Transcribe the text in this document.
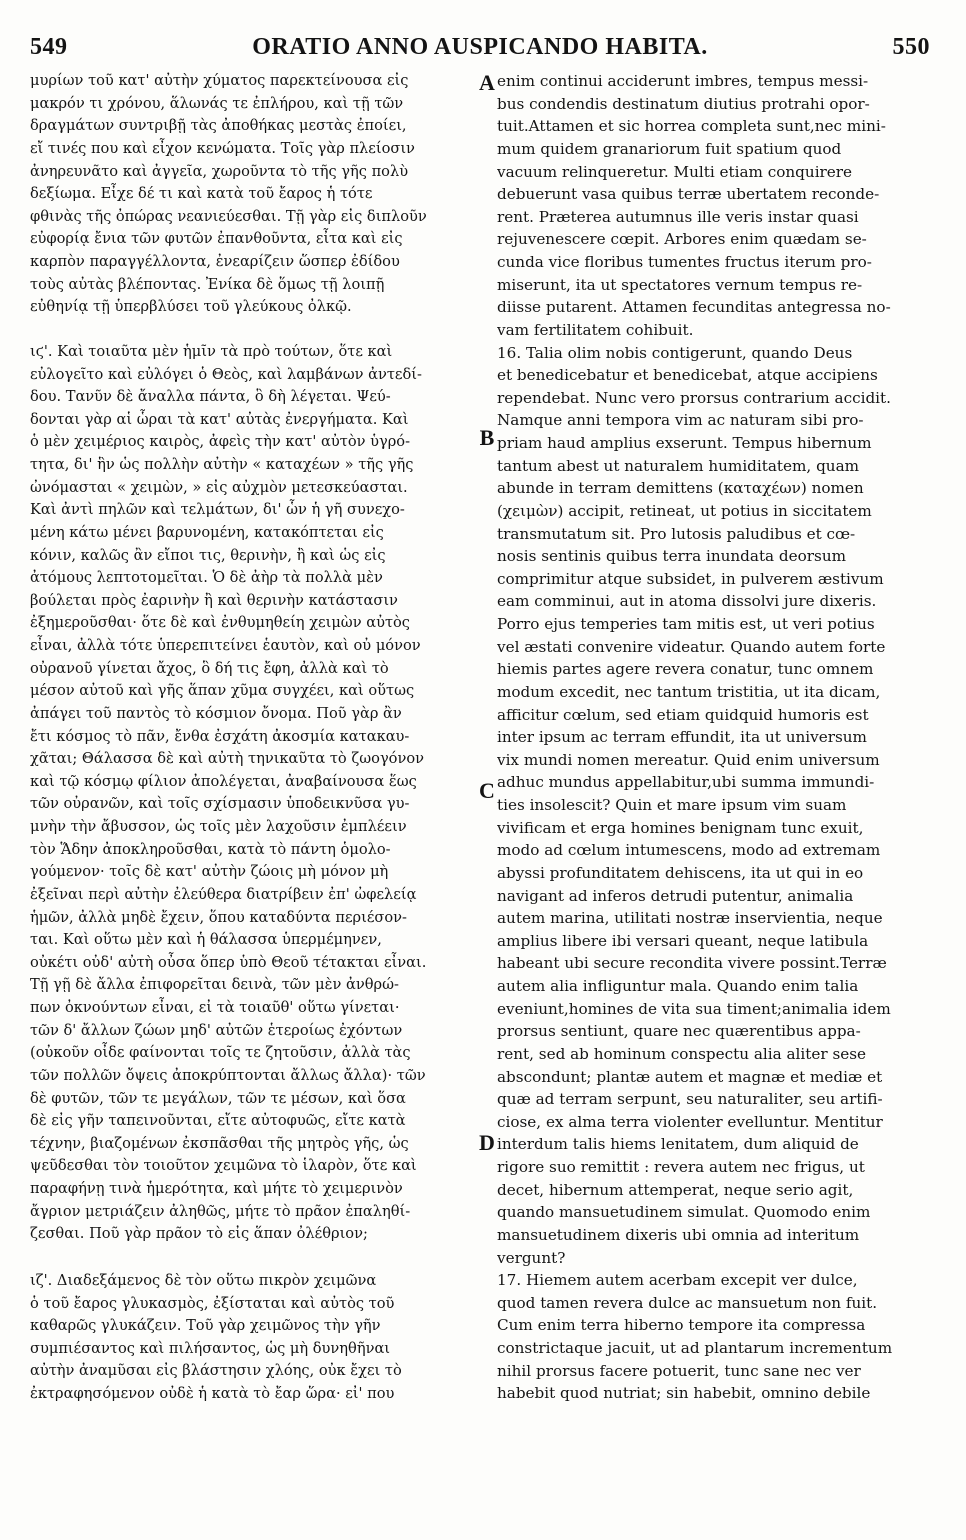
549	ORATIO ANNO AUSPICANDO HABITA.	550

μυρίων τοῦ κατ' αὐτὴν χύματος παρεκτείνουσα εἰς
μακρόν τι χρόνου, ἅλωνάς τε ἐπλήρου, καὶ τῇ τῶν
δραγμάτων συντριβῇ τὰς ἀποθήκας μεστὰς ἐποίει,
εἴ τινές που καὶ εἶχον κενώματα. Τοῖς γὰρ πλείοσιν
ἀνηρευνᾶτο καὶ ἀγγεῖα, χωροῦντα τὸ τῆς γῆς πολὺ
δεξίωμα. Εἶχε δέ τι καὶ κατὰ τοῦ ἔαρος ἡ τότε
φθινὰς τῆς ὀπώρας νεανιεύεσθαι. Τῇ γὰρ εἰς διπλοῦν
εὐφορίᾳ ἔνια τῶν φυτῶν ἐπανθοῦντα, εἶτα καὶ εἰς
καρπὸν παραγγέλλοντα, ἐνεαρίζειν ὥσπερ ἐδίδου
τοὺς αὐτὰς βλέποντας. Ἐνίκα δὲ ὅμως τῇ λοιπῇ
εὐθηνίᾳ τῇ ὑπερβλύσει τοῦ γλεύκους ὀλκῷ.

ιϛ'. Καὶ τοιαῦτα μὲν ἡμῖν τὰ πρὸ τούτων, ὅτε καὶ
εὐλογεῖτο καὶ εὐλόγει ὁ Θεὸς, καὶ λαμβάνων ἀντεδί-
δου. Τανῦν δὲ ἄναλλα πάντα, ὃ δὴ λέγεται. Ψεύ-
δονται γὰρ αἱ ὧραι τὰ κατ' αὐτὰς ἐνεργήματα. Καὶ
ὁ μὲν χειμέριος καιρὸς, ἀφεὶς τὴν κατ' αὐτὸν ὑγρό-
τητα, δι' ἣν ὡς πολλὴν αὐτὴν « καταχέων » τῆς γῆς
ὠνόμασται « χειμὼν, » εἰς αὐχμὸν μετεσκεύασται.
Καὶ ἀντὶ πηλῶν καὶ τελμάτων, δι' ὧν ἡ γῆ συνεχο-
μένη κάτω μένει βαρυνομένη, κατακόπτεται εἰς
κόνιν, καλῶς ἂν εἴποι τις, θερινὴν, ἢ καὶ ὡς εἰς
ἀτόμους λεπτοτομεῖται. Ὁ δὲ ἀὴρ τὰ πολλὰ μὲν
βούλεται πρὸς ἐαρινὴν ἢ καὶ θερινὴν κατάστασιν
ἐξημεροῦσθαι· ὅτε δὲ καὶ ἐνθυμηθείη χειμὼν αὐτὸς
εἶναι, ἀλλὰ τότε ὑπερεπιτείνει ἑαυτὸν, καὶ οὐ μόνον
οὐρανοῦ γίνεται ἄχος, ὃ δή τις ἔφη, ἀλλὰ καὶ τὸ
μέσον αὐτοῦ καὶ γῆς ἅπαν χῦμα συγχέει, καὶ οὕτως
ἀπάγει τοῦ παντὸς τὸ κόσμιον ὄνομα. Ποῦ γὰρ ἂν
ἔτι κόσμος τὸ πᾶν, ἔνθα ἐσχάτη ἀκοσμία κατακαυ-
χᾶται; Θάλασσα δὲ καὶ αὐτὴ τηνικαῦτα τὸ ζωογόνον
καὶ τῷ κόσμῳ φίλιον ἀπολέγεται, ἀναβαίνουσα ἕως
τῶν οὐρανῶν, καὶ τοῖς σχίσμασιν ὑποδεικνῦσα γυ-
μνὴν τὴν ἄβυσσον, ὡς τοῖς μὲν λαχοῦσιν ἐμπλέειν
τὸν Ἅδην ἀποκληροῦσθαι, κατὰ τὸ πάντη ὁμολο-
γούμενον· τοῖς δὲ κατ' αὐτὴν ζώοις μὴ μόνον μὴ
ἐξεῖναι περὶ αὐτὴν ἐλεύθερα διατρίβειν ἐπ' ὠφελείᾳ
ἡμῶν, ἀλλὰ μηδὲ ἔχειν, ὅπου καταδύντα περιέσον-
ται. Καὶ οὕτω μὲν καὶ ἡ θάλασσα ὑπερμέμηνεν,
οὐκέτι οὐδ' αὐτὴ οὖσα ὅπερ ὑπὸ Θεοῦ τέτακται εἶναι.
Τῇ γῇ δὲ ἄλλα ἐπιφορεῖται δεινὰ, τῶν μὲν ἀνθρώ-
πων ὀκνούντων εἶναι, εἰ τὰ τοιαῦθ' οὕτω γίνεται·
τῶν δ' ἄλλων ζώων μηδ' αὐτῶν ἑτεροίως ἐχόντων
(οὐκοῦν οἶδε φαίνονται τοῖς τε ζητοῦσιν, ἀλλὰ τὰς
τῶν πολλῶν ὄψεις ἀποκρύπτονται ἄλλως ἄλλα)· τῶν
δὲ φυτῶν, τῶν τε μεγάλων, τῶν τε μέσων, καὶ ὅσα
δὲ εἰς γῆν ταπεινοῦνται, εἴτε αὐτοφυῶς, εἴτε κατὰ
τέχνην, βιαζομένων ἐκσπᾶσθαι τῆς μητρὸς γῆς, ὡς
ψεῦδεσθαι τὸν τοιοῦτον χειμῶνα τὸ ἱλαρὸν, ὅτε καὶ
παραφήνῃ τινὰ ἡμερότητα, καὶ μήτε τὸ χειμερινὸν
ἄγριον μετριάζειν ἀληθῶς, μήτε τὸ πρᾶον ἐπαληθί-
ζεσθαι. Ποῦ γὰρ πρᾶον τὸ εἰς ἅπαν ὀλέθριον;

ιζ'. Διαδεξάμενος δὲ τὸν οὕτω πικρὸν χειμῶνα
ὁ τοῦ ἔαρος γλυκασμὸς, ἐξίσταται καὶ αὐτὸς τοῦ
καθαρῶς γλυκάζειν. Τοῦ γὰρ χειμῶνος τὴν γῆν
συμπιέσαντος καὶ πιλήσαντος, ὡς μὴ δυνηθῆναι
αὐτὴν ἀναμῦσαι εἰς βλάστησιν χλόης, οὐκ ἔχει τὸ
ἐκτραφησόμενον οὐδὲ ἡ κατὰ τὸ ἔαρ ὥρα· εἰ' που

enim continui acciderunt imbres, tempus messi-
bus condendis destinatum diutius protrahi opor-
tuit.Attamen et sic horrea completa sunt,nec mini-
mum quidem granariorum fuit spatium quod
vacuum relinqueretur. Multi etiam conquirere
debuerunt vasa quibus terræ ubertatem reconde-
rent. Præterea autumnus ille veris instar quasi
rejuvenescere cœpit. Arbores enim quædam se-
cunda vice floribus tumentes fructus iterum pro-
miserunt, ita ut spectatores vernum tempus re-
diisse putarent. Attamen fecunditas antegressa no-
vam fertilitatem cohibuit.

16. Talia olim nobis contigerunt, quando Deus
et benedicebatur et benedicebat, atque accipiens
rependebat. Nunc vero prorsus contrarium accidit.
Namque anni tempora vim ac naturam sibi pro-
priam haud amplius exserunt. Tempus hibernum
tantum abest ut naturalem humiditatem, quam
abunde in terram demittens (καταχέων) nomen
(χειμὼν) accipit, retineat, ut potius in siccitatem
transmutatum sit. Pro lutosis paludibus et cœ-
nosis sentinis quibus terra inundata deorsum
comprimitur atque subsidet, in pulverem æstivum
eam comminui, aut in atoma dissolvi jure dixeris.
Porro ejus temperies tam mitis est, ut veri potius
vel æstati convenire videatur. Quando autem forte
hiemis partes agere revera conatur, tunc omnem
modum excedit, nec tantum tristitia, ut ita dicam,
afficitur cœlum, sed etiam quidquid humoris est
inter ipsum ac terram effundit, ita ut universum
vix mundi nomen mereatur. Quid enim universum
adhuc mundus appellabitur,ubi summa immundi-
ties insolescit? Quin et mare ipsum vim suam
vivificam et erga homines benignam tunc exuit,
modo ad cœlum intumescens, modo ad extremam
abyssi profunditatem dehiscens, ita ut qui in eo
navigant ad inferos detrudi putentur, animalia
autem marina, utilitati nostræ inservientia, neque
amplius libere ibi versari queant, neque latibula
habeant ubi secure recondita vivere possint.Terræ
autem alia infliguntur mala. Quando enim talia
eveniunt,homines de vita sua timent;animalia idem
prorsus sentiunt, quare nec quærentibus appa-
rent, sed ab hominum conspectu alia aliter sese
abscondunt; plantæ autem et magnæ et mediæ et
quæ ad terram serpunt, seu naturaliter, seu artifi-
ciose, ex alma terra violenter evelluntur. Mentitur
interdum talis hiems lenitatem, dum aliquid de
rigore suo remittit : revera autem nec frigus, ut
decet, hibernum attemperat, neque serio agit,
quando mansuetudinem simulat. Quomodo enim
mansuetudinem dixeris ubi omnia ad interitum
vergunt?

17. Hiemem autem acerbam excepit ver dulce,
quod tamen revera dulce ac mansuetum non fuit.
Cum enim terra hiberno tempore ita compressa
constrictaque jacuit, ut ad plantarum incrementum
nihil prorsus facere potuerit, tunc sane nec ver
habebit quod nutriat; sin habebit, omnino debile

A
B
C
D
